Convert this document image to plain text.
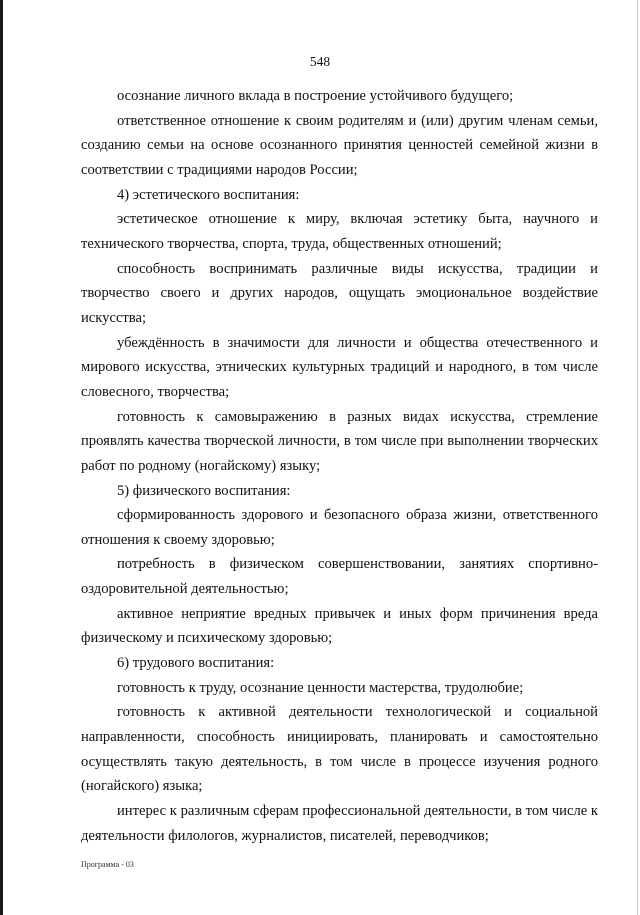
548

осознание личного вклада в построение устойчивого будущего;

ответственное отношение к своим родителям и (или) другим членам семьи, созданию семьи на основе осознанного принятия ценностей семейной жизни в соответствии с традициями народов России;

4) эстетического воспитания:

эстетическое отношение к миру, включая эстетику быта, научного и технического творчества, спорта, труда, общественных отношений;

способность воспринимать различные виды искусства, традиции и творчество своего и других народов, ощущать эмоциональное воздействие искусства;

убеждённость в значимости для личности и общества отечественного и мирового искусства, этнических культурных традиций и народного, в том числе словесного, творчества;

готовность к самовыражению в разных видах искусства, стремление проявлять качества творческой личности, в том числе при выполнении творческих работ по родному (ногайскому) языку;

5) физического воспитания:

сформированность здорового и безопасного образа жизни, ответственного отношения к своему здоровью;

потребность в физическом совершенствовании, занятиях спортивно-оздоровительной деятельностью;

активное неприятие вредных привычек и иных форм причинения вреда физическому и психическому здоровью;

6) трудового воспитания:

готовность к труду, осознание ценности мастерства, трудолюбие;

готовность к активной деятельности технологической и социальной направленности, способность инициировать, планировать и самостоятельно осуществлять такую деятельность, в том числе в процессе изучения родного (ногайского) языка;

интерес к различным сферам профессиональной деятельности, в том числе к деятельности филологов, журналистов, писателей, переводчиков;

Программа - 03
